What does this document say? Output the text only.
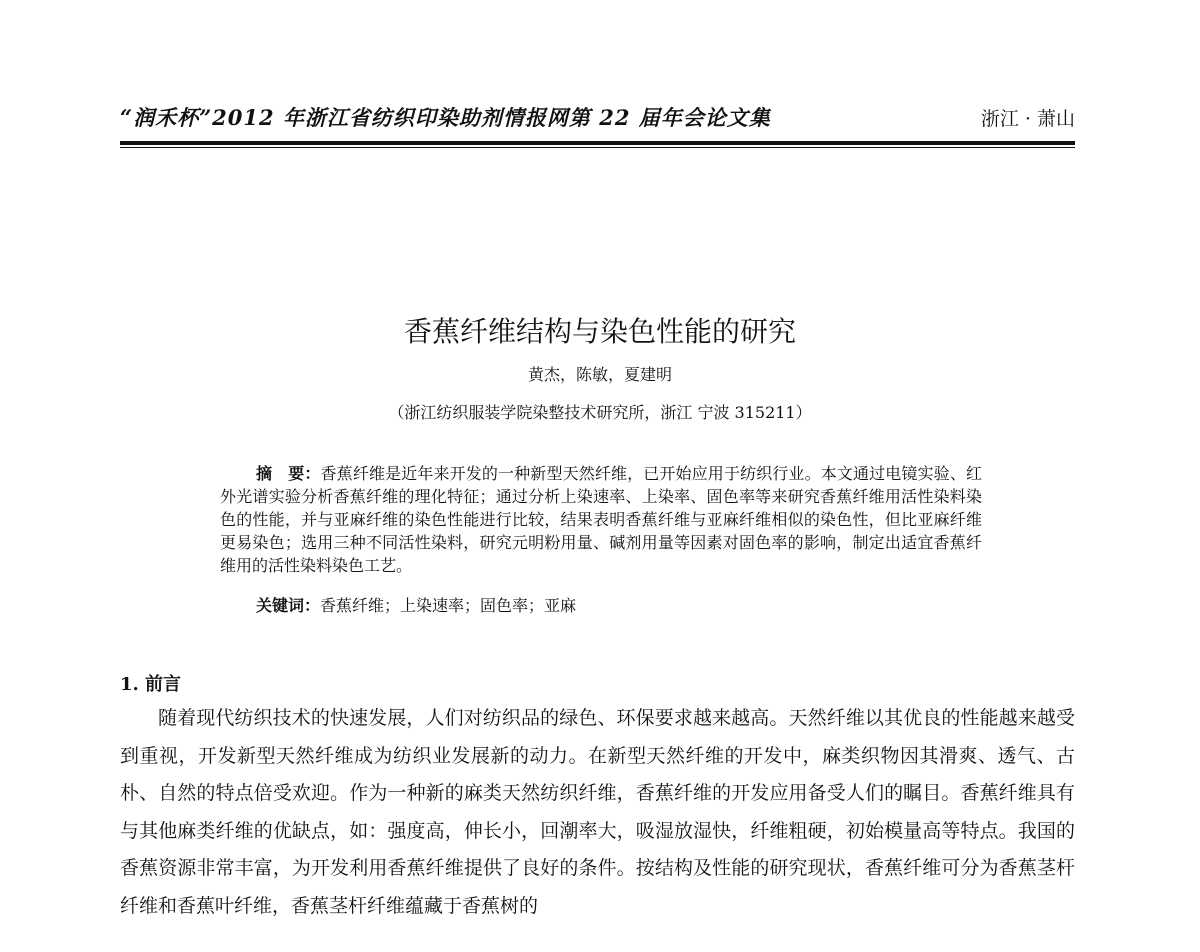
“润禾杯”2012 年浙江省纺织印染助剂情报网第 22 届年会论文集	浙江 · 萧山
香蕉纤维结构与染色性能的研究
黄杰，陈敏，夏建明
（浙江纺织服装学院染整技术研究所，浙江 宁波 315211）
摘　要：香蕉纤维是近年来开发的一种新型天然纤维，已开始应用于纺织行业。本文通过电镜实验、红外光谱实验分析香蕉纤维的理化特征；通过分析上染速率、上染率、固色率等来研究香蕉纤维用活性染料染色的性能，并与亚麻纤维的染色性能进行比较，结果表明香蕉纤维与亚麻纤维相似的染色性，但比亚麻纤维更易染色；选用三种不同活性染料，研究元明粉用量、碱剂用量等因素对固色率的影响，制定出适宜香蕉纤维用的活性染料染色工艺。
关键词：香蕉纤维；上染速率；固色率；亚麻
1. 前言
随着现代纺织技术的快速发展，人们对纺织品的绿色、环保要求越来越高。天然纤维以其优良的性能越来越受到重视，开发新型天然纤维成为纺织业发展新的动力。在新型天然纤维的开发中，麻类织物因其滑爽、透气、古朴、自然的特点倍受欢迎。作为一种新的麻类天然纺织纤维，香蕉纤维的开发应用备受人们的瞩目。香蕉纤维具有与其他麻类纤维的优缺点，如：强度高，伸长小，回潮率大，吸湿放湿快，纤维粗硬，初始模量高等特点。我国的香蕉资源非常丰富，为开发利用香蕉纤维提供了良好的条件。按结构及性能的研究现状，香蕉纤维可分为香蕉茎杆纤维和香蕉叶纤维，香蕉茎杆纤维蕴藏于香蕉树的
